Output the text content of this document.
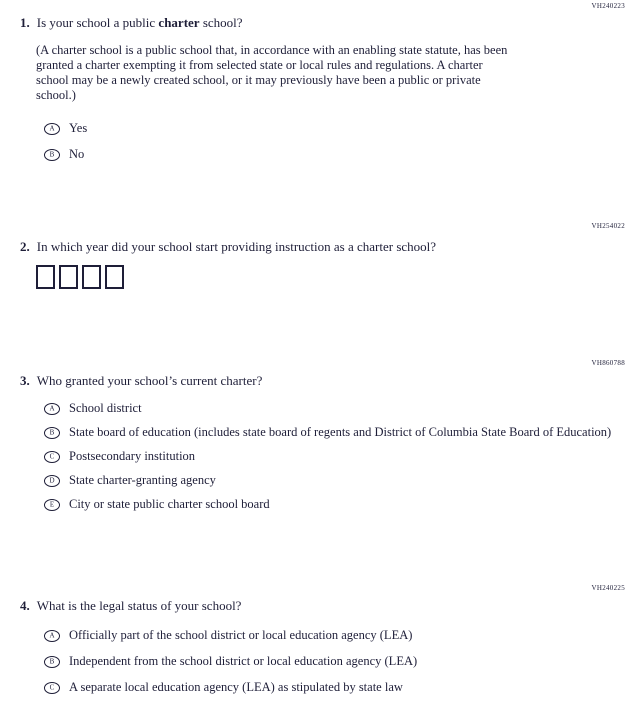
VH240223
1. Is your school a public charter school?

(A charter school is a public school that, in accordance with an enabling state statute, has been granted a charter exempting it from selected state or local rules and regulations. A charter school may be a newly created school, or it may previously have been a public or private school.)

A Yes
B No
VH254022
2. In which year did your school start providing instruction as a charter school?
VH860788
3. Who granted your school’s current charter?
A School district
B State board of education (includes state board of regents and District of Columbia State Board of Education)
C Postsecondary institution
D State charter-granting agency
E City or state public charter school board
VH240225
4. What is the legal status of your school?
A Officially part of the school district or local education agency (LEA)
B Independent from the school district or local education agency (LEA)
C A separate local education agency (LEA) as stipulated by state law
